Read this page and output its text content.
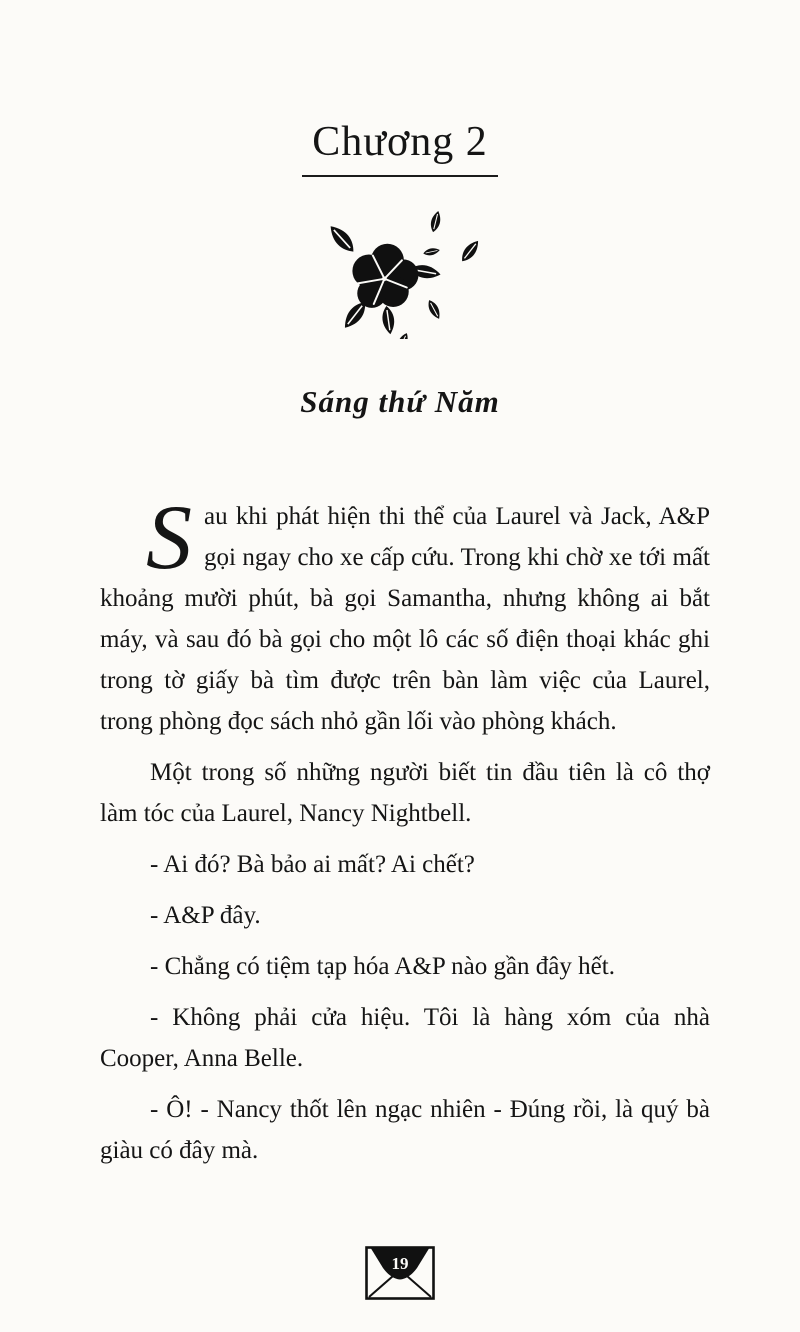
Chương 2
Sáng thứ Năm

Sau khi phát hiện thi thể của Laurel và Jack, A&P gọi ngay cho xe cấp cứu. Trong khi chờ xe tới mất khoảng mười phút, bà gọi Samantha, nhưng không ai bắt máy, và sau đó bà gọi cho một lô các số điện thoại khác ghi trong tờ giấy bà tìm được trên bàn làm việc của Laurel, trong phòng đọc sách nhỏ gần lối vào phòng khách.

Một trong số những người biết tin đầu tiên là cô thợ làm tóc của Laurel, Nancy Nightbell.

- Ai đó? Bà bảo ai mất? Ai chết?

- A&P đây.

- Chẳng có tiệm tạp hóa A&P nào gần đây hết.

- Không phải cửa hiệu. Tôi là hàng xóm của nhà Cooper, Anna Belle.

- Ô! - Nancy thốt lên ngạc nhiên - Đúng rồi, là quý bà giàu có đây mà.

19
